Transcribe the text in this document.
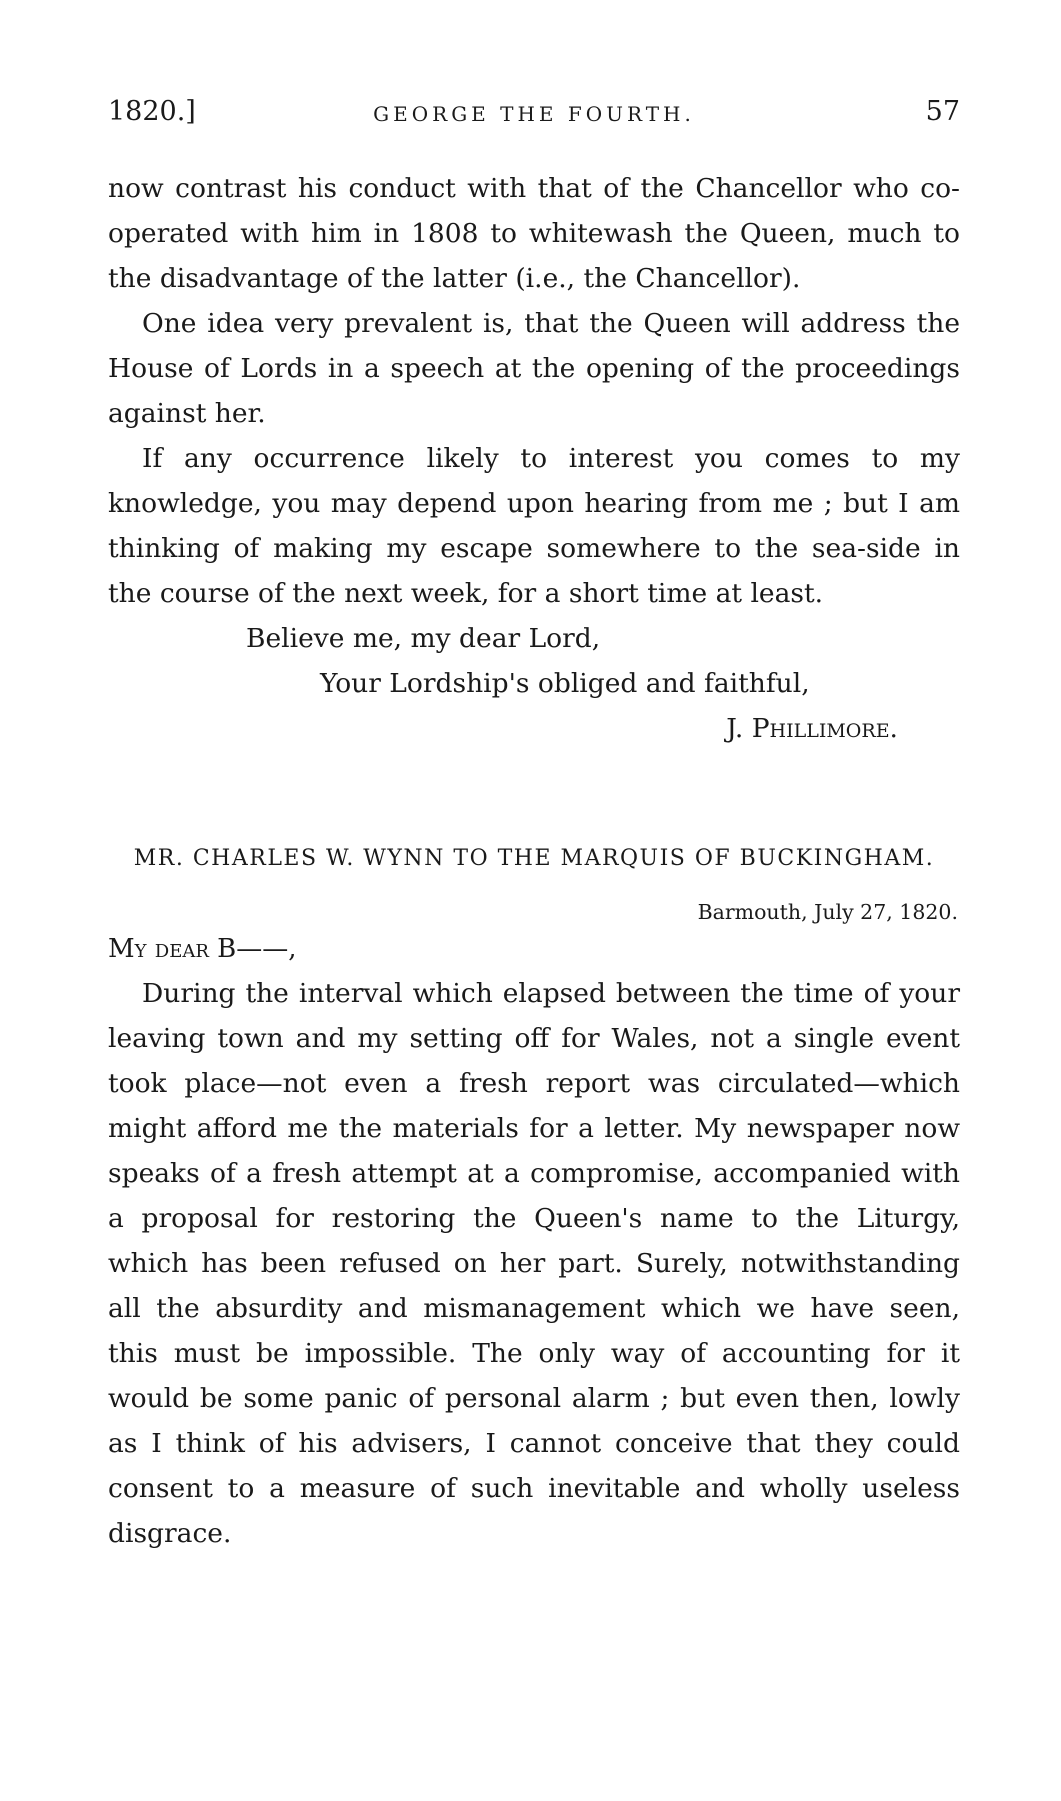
1820.]	GEORGE THE FOURTH.	57

now contrast his conduct with that of the Chancellor who co-operated with him in 1808 to whitewash the Queen, much to the disadvantage of the latter (i.e., the Chancellor).

One idea very prevalent is, that the Queen will address the House of Lords in a speech at the opening of the proceedings against her.

If any occurrence likely to interest you comes to my knowledge, you may depend upon hearing from me ; but I am thinking of making my escape somewhere to the sea-side in the course of the next week, for a short time at least.

Believe me, my dear Lord,
Your Lordship's obliged and faithful,
J. Phillimore.
MR. CHARLES W. WYNN TO THE MARQUIS OF BUCKINGHAM.
Barmouth, July 27, 1820.
My dear B——,

During the interval which elapsed between the time of your leaving town and my setting off for Wales, not a single event took place—not even a fresh report was circulated—which might afford me the materials for a letter. My newspaper now speaks of a fresh attempt at a compromise, accompanied with a proposal for restoring the Queen's name to the Liturgy, which has been refused on her part. Surely, notwithstanding all the absurdity and mismanagement which we have seen, this must be impossible. The only way of accounting for it would be some panic of personal alarm ; but even then, lowly as I think of his advisers, I cannot conceive that they could consent to a measure of such inevitable and wholly useless disgrace.
